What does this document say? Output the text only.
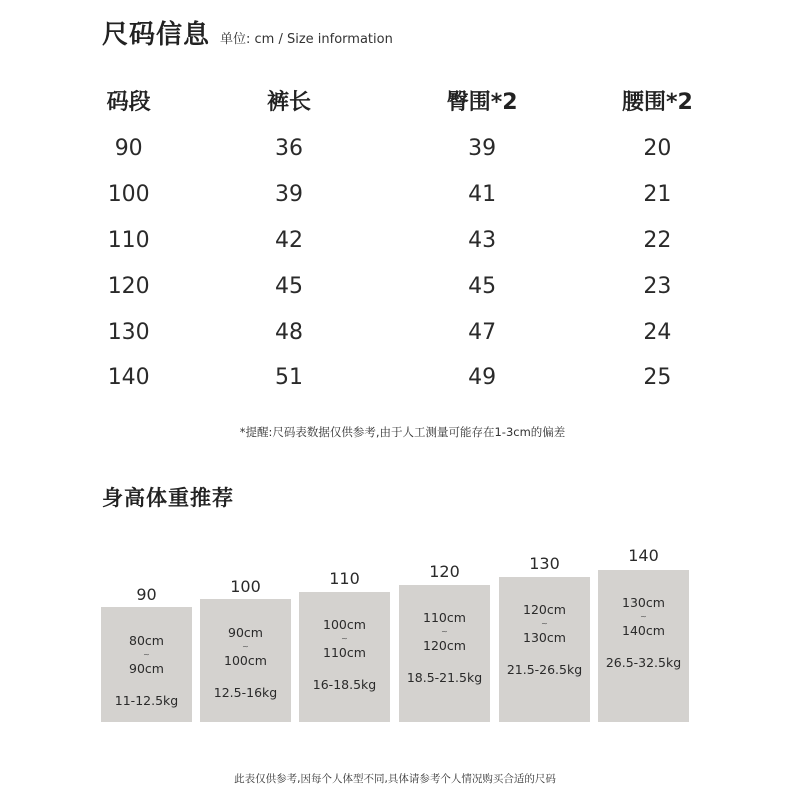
尺码信息 单位: cm / Size information
码段	裤长	臀围*2	腰围*2
90	36	39	20
100	39	41	21
110	42	43	22
120	45	45	23
130	48	47	24
140	51	49	25
*提醒:尺码表数据仅供参考,由于人工测量可能存在1-3cm的偏差
身高体重推荐
90
80cm
~
90cm
11-12.5kg
100
90cm
~
100cm
12.5-16kg
110
100cm
~
110cm
16-18.5kg
120
110cm
~
120cm
18.5-21.5kg
130
120cm
~
130cm
21.5-26.5kg
140
130cm
~
140cm
26.5-32.5kg
此表仅供参考,因每个人体型不同,具体请参考个人情况购买合适的尺码
